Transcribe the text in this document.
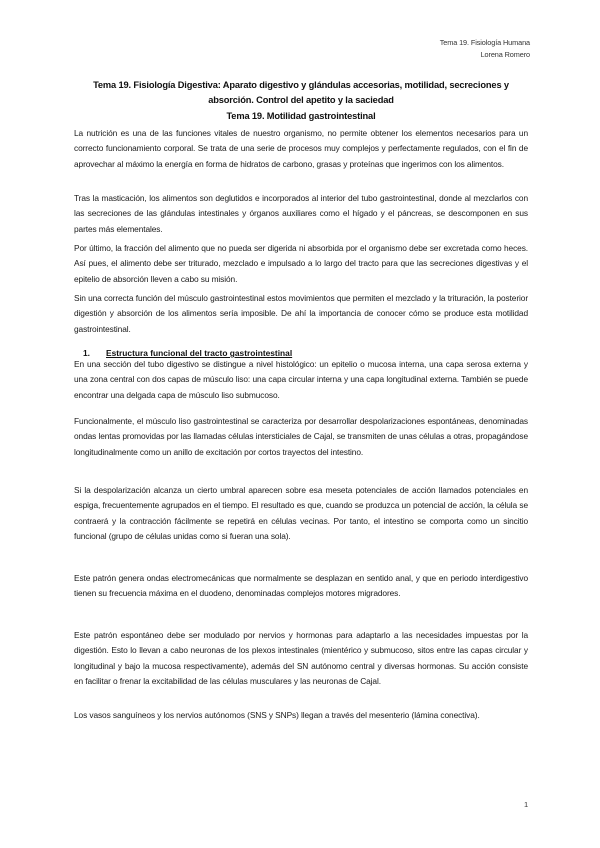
Tema 19. Fisiología Humana
Lorena Romero
Tema 19. Fisiología Digestiva: Aparato digestivo y glándulas accesorias, motilidad, secreciones y
absorción. Control del apetito y la saciedad
Tema 19. Motilidad gastrointestinal

La nutrición es una de las funciones vitales de nuestro organismo, no permite obtener los elementos necesarios para un correcto funcionamiento corporal. Se trata de una serie de procesos muy complejos y perfectamente regulados, con el fin de aprovechar al máximo la energía en forma de hidratos de carbono, grasas y proteínas que ingerimos con los alimentos.

Tras la masticación, los alimentos son deglutidos e incorporados al interior del tubo gastrointestinal, donde al mezclarlos con las secreciones de las glándulas intestinales y órganos auxiliares como el hígado y el páncreas, se descomponen en sus partes más elementales.

Por último, la fracción del alimento que no pueda ser digerida ni absorbida por el organismo debe ser excretada como heces. Así pues, el alimento debe ser triturado, mezclado e impulsado a lo largo del tracto para que las secreciones digestivas y el epitelio de absorción lleven a cabo su misión.

Sin una correcta función del músculo gastrointestinal estos movimientos que permiten el mezclado y la trituración, la posterior digestión y absorción de los alimentos sería imposible. De ahí la importancia de conocer cómo se produce esta motilidad gastrointestinal.

1. Estructura funcional del tracto gastrointestinal

En una sección del tubo digestivo se distingue a nivel histológico: un epitelio o mucosa interna, una capa serosa externa y una zona central con dos capas de músculo liso: una capa circular interna y una capa longitudinal externa. También se puede encontrar una delgada capa de músculo liso submucoso.

Funcionalmente, el músculo liso gastrointestinal se caracteriza por desarrollar despolarizaciones espontáneas, denominadas ondas lentas promovidas por las llamadas células intersticiales de Cajal, se transmiten de unas células a otras, propagándose longitudinalmente como un anillo de excitación por cortos trayectos del intestino.

Si la despolarización alcanza un cierto umbral aparecen sobre esa meseta potenciales de acción llamados potenciales en espiga, frecuentemente agrupados en el tiempo. El resultado es que, cuando se produzca un potencial de acción, la célula se contraerá y la contracción fácilmente se repetirá en células vecinas. Por tanto, el intestino se comporta como un sincitio funcional (grupo de células unidas como si fueran una sola).

Este patrón genera ondas electromecánicas que normalmente se desplazan en sentido anal, y que en periodo interdigestivo tienen su frecuencia máxima en el duodeno, denominadas complejos motores migradores.

Este patrón espontáneo debe ser modulado por nervios y hormonas para adaptarlo a las necesidades impuestas por la digestión. Esto lo llevan a cabo neuronas de los plexos intestinales (mientérico y submucoso, sitos entre las capas circular y longitudinal y bajo la mucosa respectivamente), además del SN autónomo central y diversas hormonas. Su acción consiste en facilitar o frenar la excitabilidad de las células musculares y las neuronas de Cajal.

Los vasos sanguíneos y los nervios autónomos (SNS y SNPs) llegan a través del mesenterio (lámina conectiva).

1
